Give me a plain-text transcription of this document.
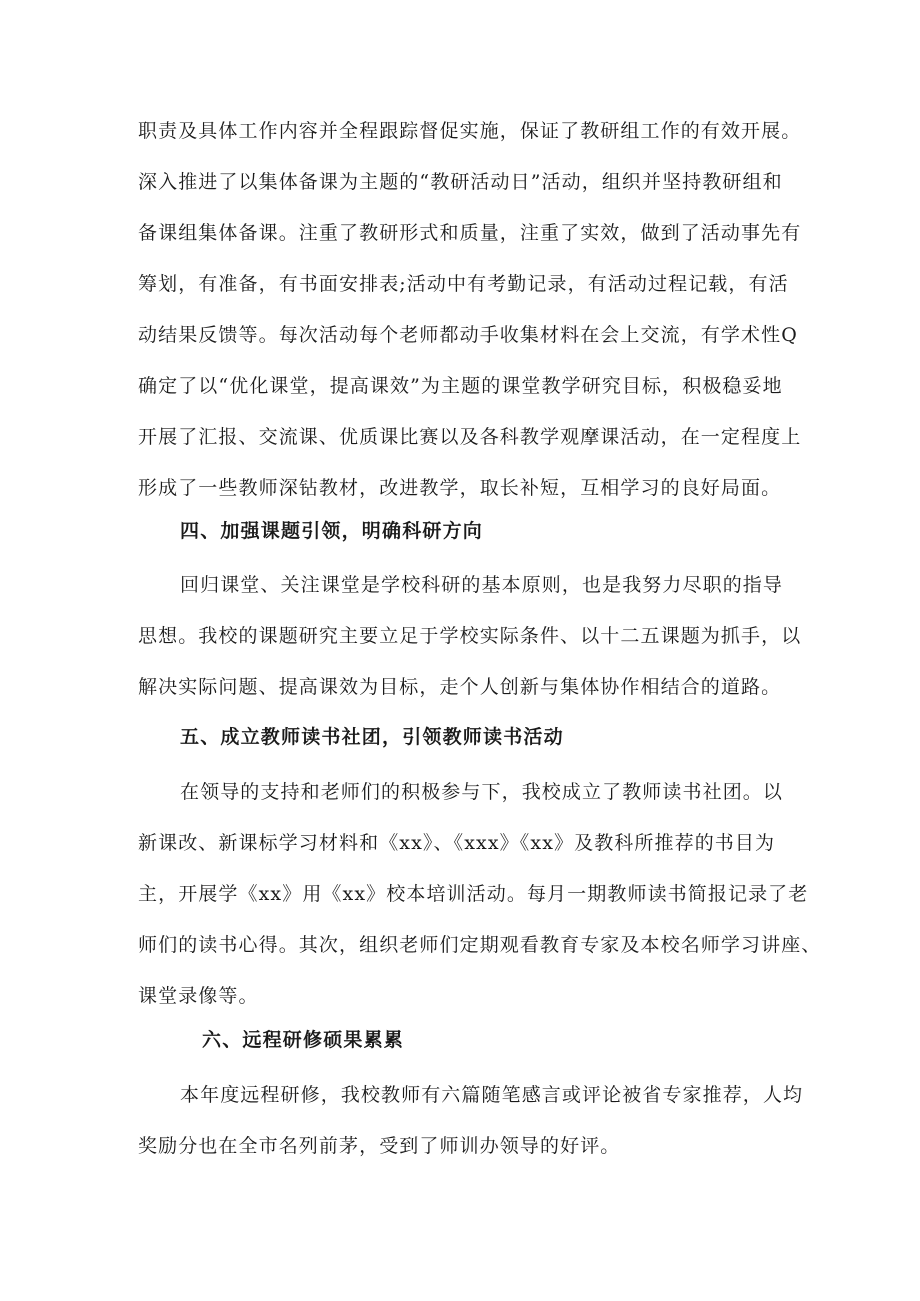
职责及具体工作内容并全程跟踪督促实施，保证了教研组工作的有效开展。
深入推进了以集体备课为主题的“教研活动日”活动，组织并坚持教研组和
备课组集体备课。注重了教研形式和质量，注重了实效，做到了活动事先有
筹划，有准备，有书面安排表;活动中有考勤记录，有活动过程记载，有活
动结果反馈等。每次活动每个老师都动手收集材料在会上交流，有学术性Q
确定了以“优化课堂，提高课效”为主题的课堂教学研究目标，积极稳妥地
开展了汇报、交流课、优质课比赛以及各科教学观摩课活动，在一定程度上
形成了一些教师深钻教材，改进教学，取长补短，互相学习的良好局面。
四、加强课题引领，明确科研方向
回归课堂、关注课堂是学校科研的基本原则，也是我努力尽职的指导
思想。我校的课题研究主要立足于学校实际条件、以十二五课题为抓手，以
解决实际问题、提高课效为目标，走个人创新与集体协作相结合的道路。
五、成立教师读书社团，引领教师读书活动
在领导的支持和老师们的积极参与下，我校成立了教师读书社团。以
新课改、新课标学习材料和《xx》、《xxx》《xx》及教科所推荐的书目为
主，开展学《xx》用《xx》校本培训活动。每月一期教师读书简报记录了老
师们的读书心得。其次，组织老师们定期观看教育专家及本校名师学习讲座、
课堂录像等。
六、远程研修硕果累累
本年度远程研修，我校教师有六篇随笔感言或评论被省专家推荐，人均
奖励分也在全市名列前茅，受到了师训办领导的好评。
